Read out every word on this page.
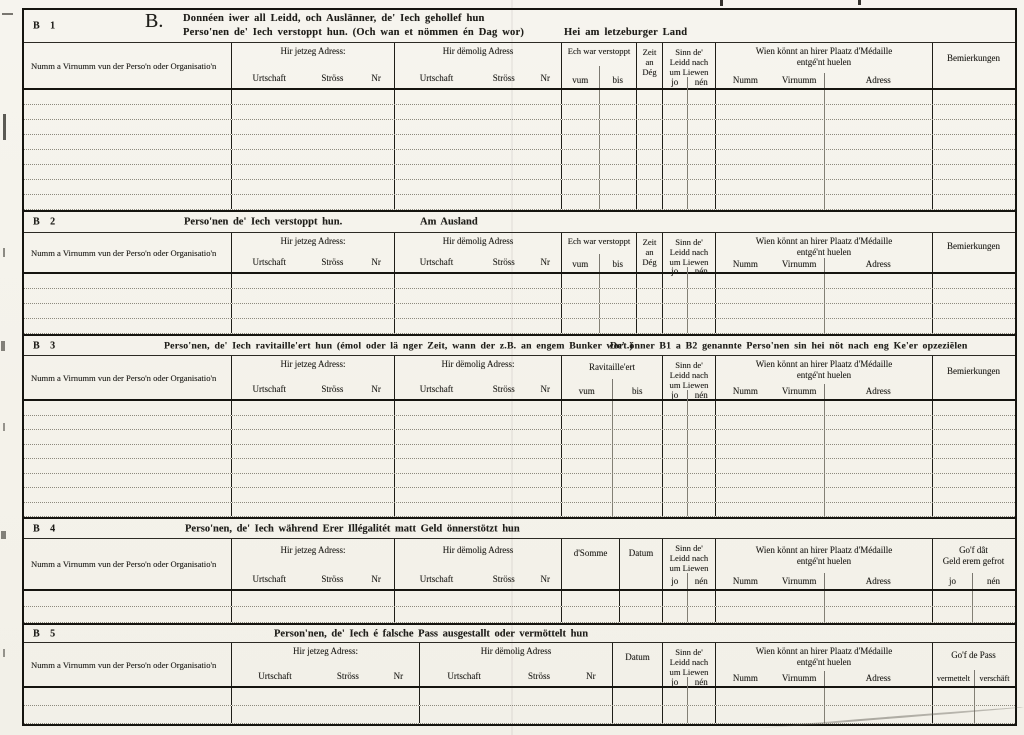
B 1	B. Donnéen iwer all Leidd, och Auslänner, de' Iech gehollef hun
Perso'nen de' Iech verstoppt hun. (Och wan et nömmen én Dag wor)	Hei am letzeburger Land
Numm a Virnumm vun der Perso'n oder Organisatio'n
Hir jetzeg Adress:
Urtschaft	Ströss	Nr
Hir dëmolig Adress
Urtschaft	Ströss	Nr
Ech war verstoppt
vum	bis
Zeit
an
Dég
Sinn de'
Leidd nach
um Liewen
jo	nén
Wien könnt an hirer Plaatz d'Médaille
entgé'nt huelen
Numm	Virnumm	Adress
Bemierkungen
B 2	Perso'nen de' Iech verstoppt hun.	Am Ausland
Numm a Virnumm vun der Perso'n oder Organisatio'n
Hir jetzeg Adress:
Urtschaft	Ströss	Nr
Hir dëmolig Adress
Urtschaft	Ströss	Nr
Ech war verstoppt
vum	bis
Zeit
an
Dég
Sinn de'
Leidd nach
um Liewen
jo	nén
Wien könnt an hirer Plaatz d'Médaille
entgé'nt huelen
Numm	Virnumm	Adress
Bemierkungen
B 3	Perso'nen, de' Iech ravitaille'ert hun (émol oder lä nger Zeit, wann der z.B. an engem Bunker wort.)
De' önner B1 a B2 genannte Perso'nen sin hei nöt nach eng Ke'er opzeziëlen
Numm a Virnumm vun der Perso'n oder Organisatio'n
Hir jetzeg Adress:
Urtschaft	Ströss	Nr
Hir dëmolig Adress:
Urtschaft	Ströss	Nr
Ravitaille'ert
vum	bis
Sinn de'
Leidd nach
um Liewen
jo	nén
Wien könnt an hirer Plaatz d'Médaille
entgé'nt huelen
Numm	Virnumm	Adress
Bemierkungen
B 4	Perso'nen, de' Iech während Erer Illégalitét matt Geld önnerstötzt hun
Numm a Virnumm vun der Perso'n oder Organisatio'n
Hir jetzeg Adress:
Urtschaft	Ströss	Nr
Hir dëmolig Adress
Urtschaft	Ströss	Nr
d'Somme	Datum	Sinn de'
Leidd nach
um Liewen
jo	nén
Wien könnt an hirer Plaatz d'Médaille
entgé'nt huelen
Numm	Virnumm	Adress
Go'f dât
Geld erem gefrot
jo	nén
B 5	Person'nen, de' Iech é falsche Pass ausgestallt oder vermöttelt hun
Numm a Virnumm vun der Perso'n oder Organisatio'n
Hir jetzeg Adress:
Urtschaft	Ströss	Nr
Hir dëmolig Adress
Urtschaft	Ströss	Nr
Datum	Sinn de'
Leidd nach
um Liewen
jo	nén
Wien könnt an hirer Plaatz d'Médaille
entgé'nt huelen
Numm	Virnumm	Adress
Go'f de Pass
vermettelt	verschäft
